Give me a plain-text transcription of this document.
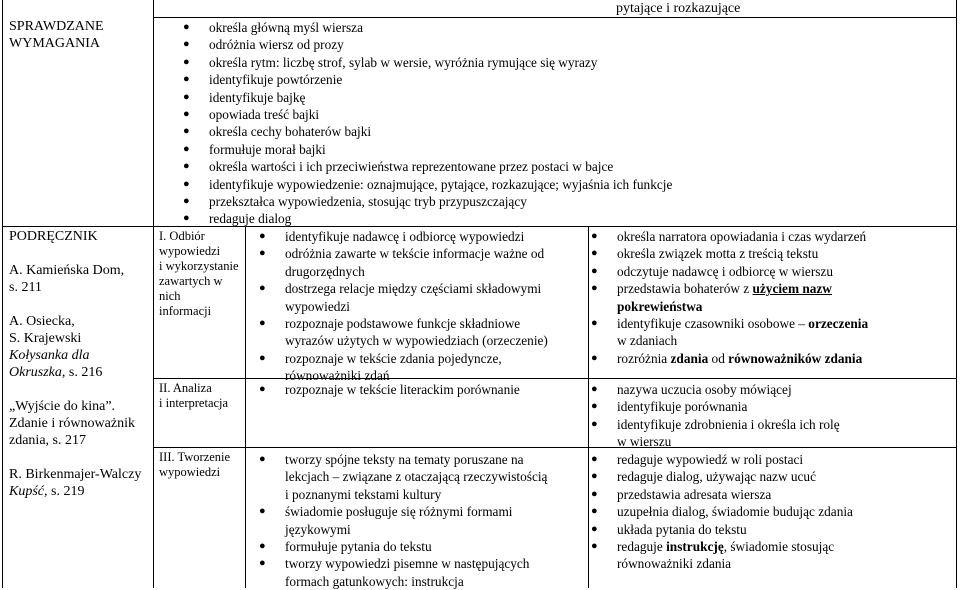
pytające i rozkazujące
SPRAWDZANE
WYMAGANIA
PODRĘCZNIK
A. Kamieńska Dom,
s. 211
A. Osiecka,
S. Krajewski
Kołysanka dla
Okruszka, s. 216
„Wyjście do kina”.
Zdanie i równoważnik
zdania, s. 217
R. Birkenmajer-Walczy
Kupść, s. 219
● określa główną myśl wiersza
● odróżnia wiersz od prozy
● określa rytm: liczbę strof, sylab w wersie, wyróżnia rymujące się wyrazy
● identyfikuje powtórzenie
● identyfikuje bajkę
● opowiada treść bajki
● określa cechy bohaterów bajki
● formułuje morał bajki
● określa wartości i ich przeciwieństwa reprezentowane przez postaci w bajce
● identyfikuje wypowiedzenie: oznajmujące, pytające, rozkazujące; wyjaśnia ich funkcje
● przekształca wypowiedzenia, stosując tryb przypuszczający
● redaguje dialog
I. Odbiór
wypowiedzi
i wykorzystanie
zawartych w
nich
informacji
II. Analiza
i interpretacja
III. Tworzenie
wypowiedzi
● identyfikuje nadawcę i odbiorcę wypowiedzi
● odróżnia zawarte w tekście informacje ważne od
drugorzędnych
● dostrzega relacje między częściami składowymi
wypowiedzi
● rozpoznaje podstawowe funkcje składniowe
wyrazów użytych w wypowiedziach (orzeczenie)
● rozpoznaje w tekście zdania pojedyncze,
równoważniki zdań
● rozpoznaje w tekście literackim porównanie
● tworzy spójne teksty na tematy poruszane na
lekcjach – związane z otaczającą rzeczywistością
i poznanymi tekstami kultury
● świadomie posługuje się różnymi formami
językowymi
● formułuje pytania do tekstu
● tworzy wypowiedzi pisemne w następujących
formach gatunkowych: instrukcja
● określa narratora opowiadania i czas wydarzeń
● określa związek motta z treścią tekstu
● odczytuje nadawcę i odbiorcę w wierszu
● przedstawia bohaterów z użyciem nazw
pokrewieństwa
● identyfikuje czasowniki osobowe – orzeczenia
w zdaniach
● rozróżnia zdania od równoważników zdania
● nazywa uczucia osoby mówiącej
● identyfikuje porównania
● identyfikuje zdrobnienia i określa ich rolę
w wierszu
● redaguje wypowiedź w roli postaci
● redaguje dialog, używając nazw ucuć
● przedstawia adresata wiersza
● uzupełnia dialog, świadomie budując zdania
● układa pytania do tekstu
● redaguje instrukcję, świadomie stosując
równoważniki zdania
